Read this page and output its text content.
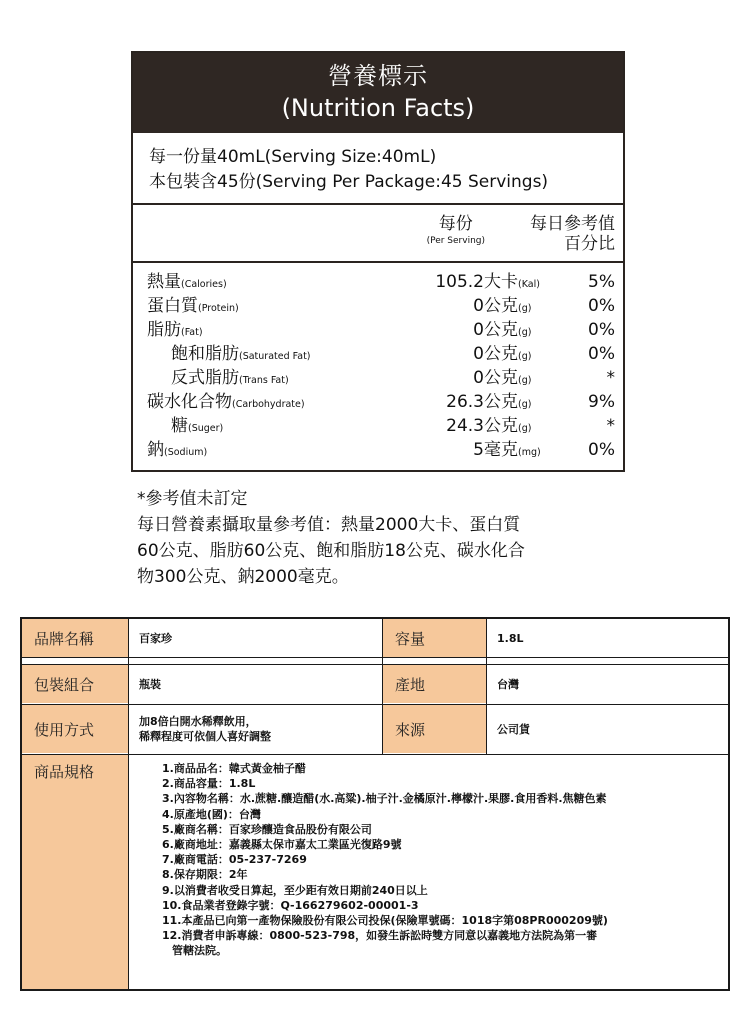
營養標示
(Nutrition Facts)
每一份量40mL(Serving Size:40mL)
本包裝含45份(Serving Per Package:45 Servings)
每份
(Per Serving)
每日參考值
百分比
熱量(Calories)	105.2大卡(Kal)	5%
蛋白質(Protein)	0公克(g)	0%
脂肪(Fat)	0公克(g)	0%
飽和脂肪(Saturated Fat)	0公克(g)	0%
反式脂肪(Trans Fat)	0公克(g)	*
碳水化合物(Carbohydrate)	26.3公克(g)	9%
糖(Suger)	24.3公克(g)	*
鈉(Sodium)	5毫克(mg)	0%
*參考值未訂定
每日營養素攝取量參考值：熱量2000大卡、蛋白質
60公克、脂肪60公克、飽和脂肪18公克、碳水化合
物300公克、鈉2000毫克。
品牌名稱	百家珍	容量	1.8L
包裝組合	瓶裝	產地	台灣
使用方式	加8倍白開水稀釋飲用，
稀釋程度可依個人喜好調整	來源	公司貨
商品規格	1.商品品名：韓式黃金柚子醋
2.商品容量：1.8L
3.內容物名稱：水.蔗糖.釀造醋(水.高粱).柚子汁.金橘原汁.檸檬汁.果膠.食用香料.焦糖色素
4.原產地(國)：台灣
5.廠商名稱：百家珍釀造食品股份有限公司
6.廠商地址：嘉義縣太保市嘉太工業區光復路9號
7.廠商電話：05-237-7269
8.保存期限：2年
9.以消費者收受日算起，至少距有效日期前240日以上
10.食品業者登錄字號：Q-166279602-00001-3
11.本產品已向第一產物保險股份有限公司投保(保險單號碼：1018字第08PR000209號)
12.消費者申訴專線：0800-523-798，如發生訴訟時雙方同意以嘉義地方法院為第一審
管轄法院。
